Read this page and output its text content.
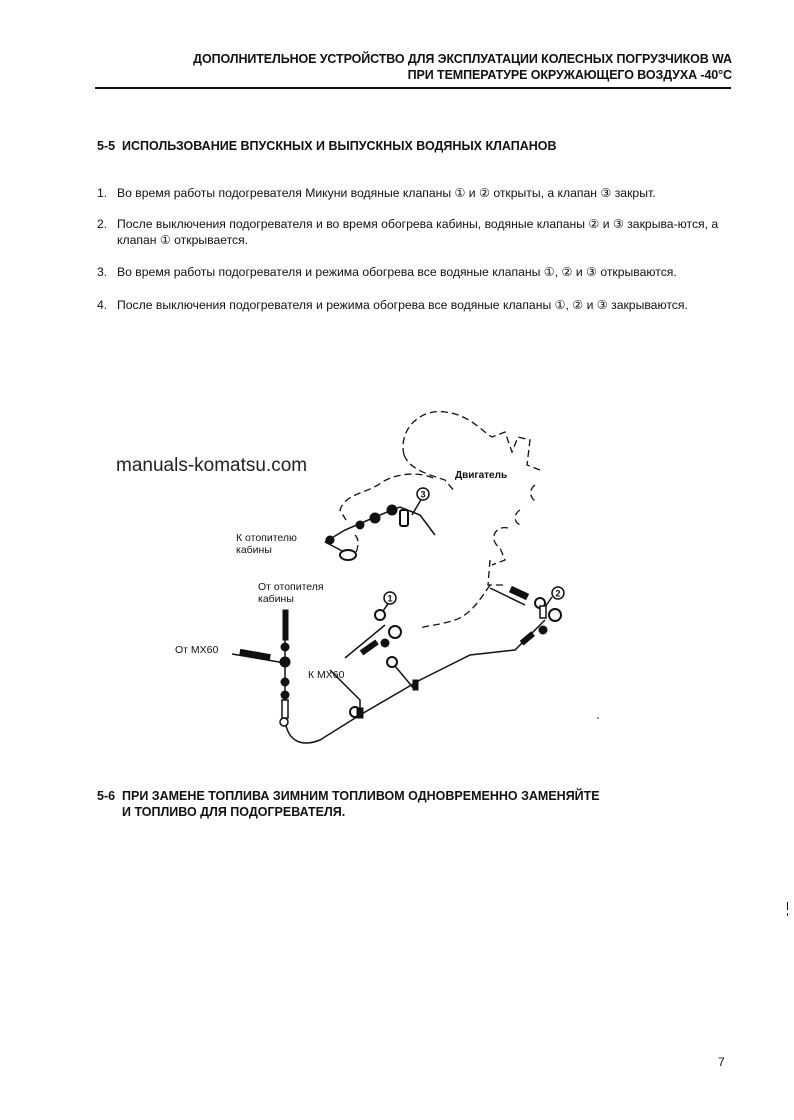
ДОПОЛНИТЕЛЬНОЕ УСТРОЙСТВО ДЛЯ ЭКСПЛУАТАЦИИ КОЛЕСНЫХ ПОГРУЗЧИКОВ WA
ПРИ ТЕМПЕРАТУРЕ ОКРУЖАЮЩЕГО ВОЗДУХА -40°C
5-5 ИСПОЛЬЗОВАНИЕ ВПУСКНЫХ И ВЫПУСКНЫХ ВОДЯНЫХ КЛАПАНОВ
1. Во время работы подогревателя Микуни водяные клапаны ① и ② открыты, а клапан ③ закрыт.
2. После выключения подогревателя и во время обогрева кабины, водяные клапаны ② и ③ закрыва-ются, а клапан ① открывается.
3. Во время работы подогревателя и режима обогрева все водяные клапаны ①, ② и ③ открываются.
4. После выключения подогревателя и режима обогрева все водяные клапаны ①, ② и ③ закрываются.
3
1	2
manuals-komatsu.com	Двигатель
К отопителю
кабины
От отопителя
кабины
От MX60
К MX60
5-6 ПРИ ЗАМЕНЕ ТОПЛИВА ЗИМНИМ ТОПЛИВОМ ОДНОВРЕМЕННО ЗАМЕНЯЙТЕ
И ТОПЛИВО ДЛЯ ПОДОГРЕВАТЕЛЯ.
7
